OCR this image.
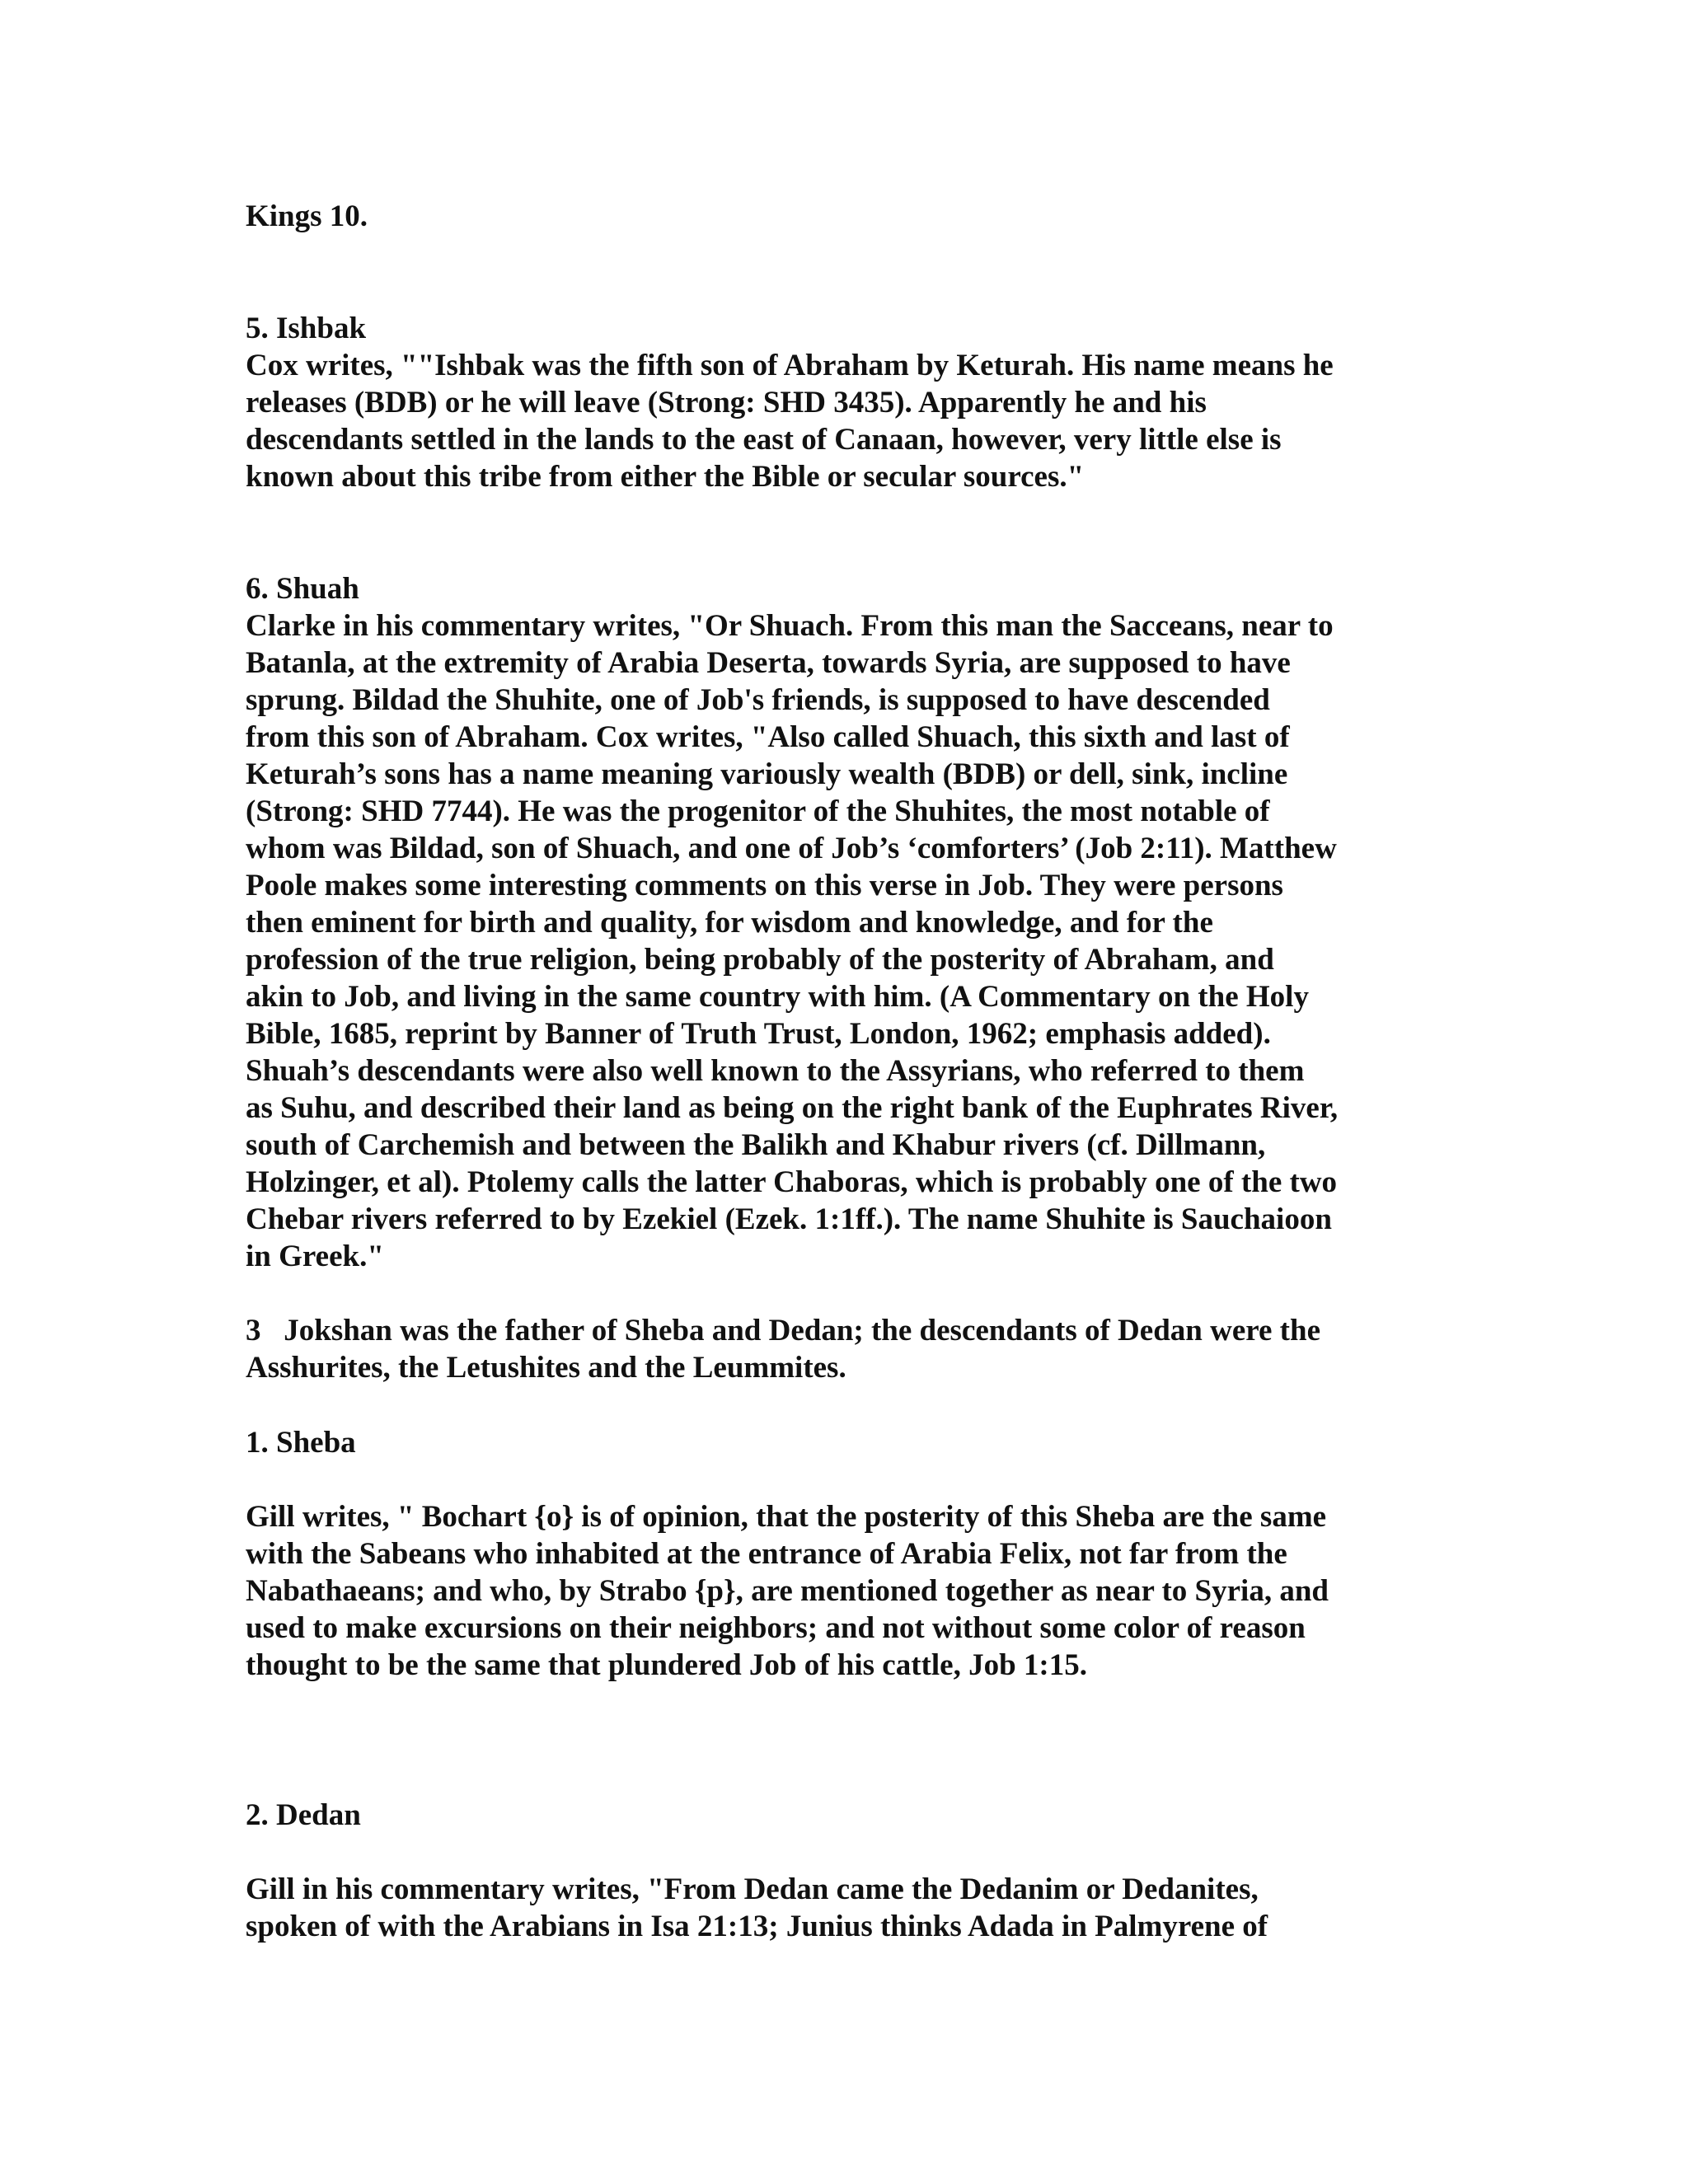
Kings 10.

5. Ishbak

Cox writes, ""Ishbak was the fifth son of Abraham by Keturah. His name means he

releases (BDB) or he will leave (Strong: SHD 3435). Apparently he and his

descendants settled in the lands to the east of Canaan, however, very little else is

known about this tribe from either the Bible or secular sources."

6. Shuah

Clarke in his commentary writes, "Or Shuach. From this man the Sacceans, near to

Batanla, at the extremity of Arabia Deserta, towards Syria, are supposed to have

sprung. Bildad the Shuhite, one of Job's friends, is supposed to have descended

from this son of Abraham. Cox writes, "Also called Shuach, this sixth and last of

Keturah’s sons has a name meaning variously wealth (BDB) or dell, sink, incline

(Strong: SHD 7744). He was the progenitor of the Shuhites, the most notable of

whom was Bildad, son of Shuach, and one of Job’s ‘comforters’ (Job 2:11). Matthew

Poole makes some interesting comments on this verse in Job. They were persons

then eminent for birth and quality, for wisdom and knowledge, and for the

profession of the true religion, being probably of the posterity of Abraham, and

akin to Job, and living in the same country with him. (A Commentary on the Holy

Bible, 1685, reprint by Banner of Truth Trust, London, 1962; emphasis added).

Shuah’s descendants were also well known to the Assyrians, who referred to them

as Suhu, and described their land as being on the right bank of the Euphrates River,

south of Carchemish and between the Balikh and Khabur rivers (cf. Dillmann,

Holzinger, et al). Ptolemy calls the latter Chaboras, which is probably one of the two

Chebar rivers referred to by Ezekiel (Ezek. 1:1ff.). The name Shuhite is Sauchaioon

in Greek."

3   Jokshan was the father of Sheba and Dedan; the descendants of Dedan were the

Asshurites, the Letushites and the Leummites.

1. Sheba

Gill writes, " Bochart {o} is of opinion, that the posterity of this Sheba are the same

with the Sabeans who inhabited at the entrance of Arabia Felix, not far from the

Nabathaeans; and who, by Strabo {p}, are mentioned together as near to Syria, and

used to make excursions on their neighbors; and not without some color of reason

thought to be the same that plundered Job of his cattle, Job 1:15.

2. Dedan

Gill in his commentary writes, "From Dedan came the Dedanim or Dedanites,

spoken of with the Arabians in Isa 21:13; Junius thinks Adada in Palmyrene of
